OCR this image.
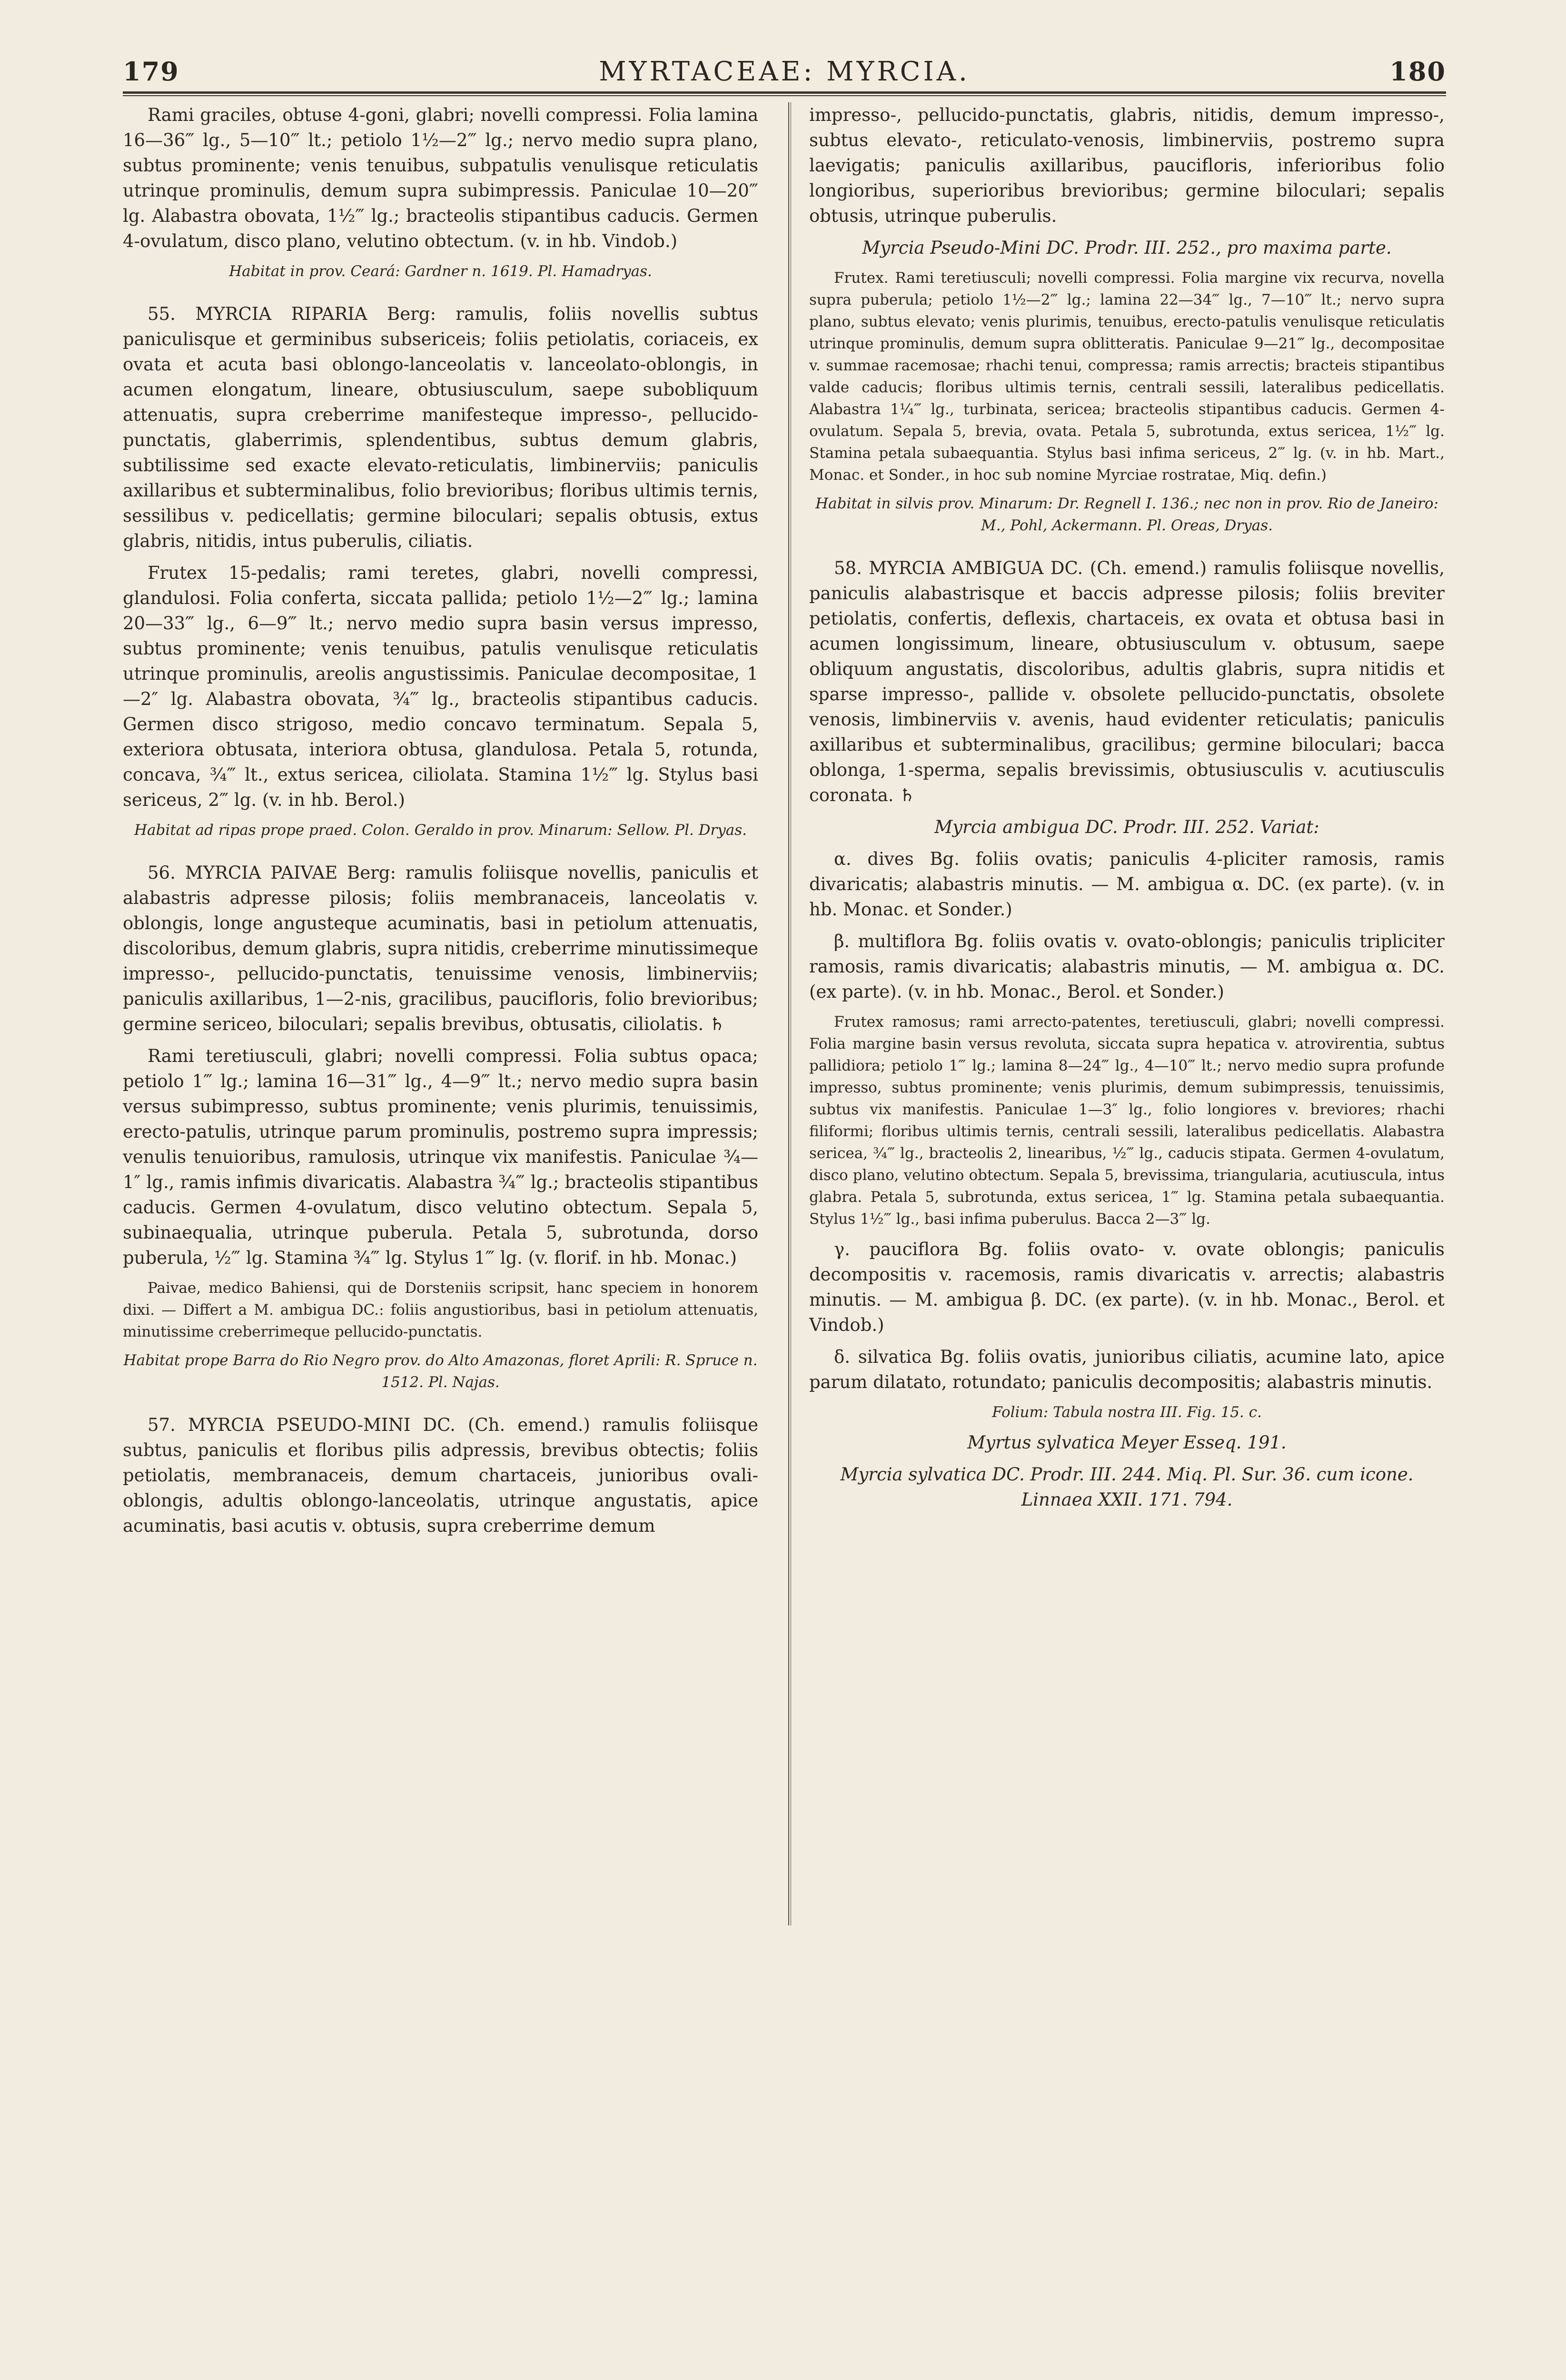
179	MYRTACEAE: MYRCIA.	180

Rami graciles, obtuse 4-goni, glabri; novelli compressi. Folia lamina 16—36‴ lg., 5—10‴ lt.; petiolo 1½—2‴ lg.; nervo medio supra plano, subtus prominente; venis tenuibus, subpatulis venulisque reticulatis utrinque prominulis, demum supra subimpressis. Paniculae 10—20‴ lg. Alabastra obovata, 1½‴ lg.; bracteolis stipantibus caducis. Germen 4-ovulatum, disco plano, velutino obtectum. (v. in hb. Vindob.)

Habitat in prov. Ceará: Gardner n. 1619. Pl. Hamadryas.

55. MYRCIA RIPARIA Berg: ramulis, foliis novellis subtus paniculisque et germinibus subsericeis; foliis petiolatis, coriaceis, ex ovata et acuta basi oblongo-lanceolatis v. lanceolato-oblongis, in acumen elongatum, lineare, obtusiusculum, saepe subobliquum attenuatis, supra creberrime manifesteque impresso-, pellucido-punctatis, glaberrimis, splendentibus, subtus demum glabris, subtilissime sed exacte elevato-reticulatis, limbinerviis; paniculis axillaribus et subterminalibus, folio brevioribus; floribus ultimis ternis, sessilibus v. pedicellatis; germine biloculari; sepalis obtusis, extus glabris, nitidis, intus puberulis, ciliatis.

Frutex 15-pedalis; rami teretes, glabri, novelli compressi, glandulosi. Folia conferta, siccata pallida; petiolo 1½—2‴ lg.; lamina 20—33‴ lg., 6—9‴ lt.; nervo medio supra basin versus impresso, subtus prominente; venis tenuibus, patulis venulisque reticulatis utrinque prominulis, areolis angustissimis. Paniculae decompositae, 1—2″ lg. Alabastra obovata, ¾‴ lg., bracteolis stipantibus caducis. Germen disco strigoso, medio concavo terminatum. Sepala 5, exteriora obtusata, interiora obtusa, glandulosa. Petala 5, rotunda, concava, ¾‴ lt., extus sericea, ciliolata. Stamina 1½‴ lg. Stylus basi sericeus, 2‴ lg. (v. in hb. Berol.)

Habitat ad ripas prope praed. Colon. Geraldo in prov. Minarum: Sellow. Pl. Dryas.

56. MYRCIA PAIVAE Berg: ramulis foliisque novellis, paniculis et alabastris adpresse pilosis; foliis membranaceis, lanceolatis v. oblongis, longe angusteque acuminatis, basi in petiolum attenuatis, discoloribus, demum glabris, supra nitidis, creberrime minutissimeque impresso-, pellucido-punctatis, tenuissime venosis, limbinerviis; paniculis axillaribus, 1—2-nis, gracilibus, paucifloris, folio brevioribus; germine sericeo, biloculari; sepalis brevibus, obtusatis, ciliolatis. ♄

Rami teretiusculi, glabri; novelli compressi. Folia subtus opaca; petiolo 1‴ lg.; lamina 16—31‴ lg., 4—9‴ lt.; nervo medio supra basin versus subimpresso, subtus prominente; venis plurimis, tenuissimis, erecto-patulis, utrinque parum prominulis, postremo supra impressis; venulis tenuioribus, ramulosis, utrinque vix manifestis. Paniculae ¾—1″ lg., ramis infimis divaricatis. Alabastra ¾‴ lg.; bracteolis stipantibus caducis. Germen 4-ovulatum, disco velutino obtectum. Sepala 5, subinaequalia, utrinque puberula. Petala 5, subrotunda, dorso puberula, ½‴ lg. Stamina ¾‴ lg. Stylus 1‴ lg. (v. florif. in hb. Monac.)

Paivae, medico Bahiensi, qui de Dorsteniis scripsit, hanc speciem in honorem dixi. — Differt a M. ambigua DC.: foliis angustioribus, basi in petiolum attenuatis, minutissime creberrimeque pellucido-punctatis.

Habitat prope Barra do Rio Negro prov. do Alto Amazonas, floret Aprili: R. Spruce n. 1512. Pl. Najas.

57. MYRCIA PSEUDO-MINI DC. (Ch. emend.) ramulis foliisque subtus, paniculis et floribus pilis adpressis, brevibus obtectis; foliis petiolatis, membranaceis, demum chartaceis, junioribus ovali-oblongis, adultis oblongo-lanceolatis, utrinque angustatis, apice acuminatis, basi acutis v. obtusis, supra creberrime demum

impresso-, pellucido-punctatis, glabris, nitidis, demum impresso-, subtus elevato-, reticulato-venosis, limbinerviis, postremo supra laevigatis; paniculis axillaribus, paucifloris, inferioribus folio longioribus, superioribus brevioribus; germine biloculari; sepalis obtusis, utrinque puberulis.

Myrcia Pseudo-Mini DC. Prodr. III. 252., pro maxima parte.

Frutex. Rami teretiusculi; novelli compressi. Folia margine vix recurva, novella supra puberula; petiolo 1½—2‴ lg.; lamina 22—34‴ lg., 7—10‴ lt.; nervo supra plano, subtus elevato; venis plurimis, tenuibus, erecto-patulis venulisque reticulatis utrinque prominulis, demum supra oblitteratis. Paniculae 9—21‴ lg., decompositae v. summae racemosae; rhachi tenui, compressa; ramis arrectis; bracteis stipantibus valde caducis; floribus ultimis ternis, centrali sessili, lateralibus pedicellatis. Alabastra 1¼‴ lg., turbinata, sericea; bracteolis stipantibus caducis. Germen 4-ovulatum. Sepala 5, brevia, ovata. Petala 5, subrotunda, extus sericea, 1½‴ lg. Stamina petala subaequantia. Stylus basi infima sericeus, 2‴ lg. (v. in hb. Mart., Monac. et Sonder., in hoc sub nomine Myrciae rostratae, Miq. defin.)

Habitat in silvis prov. Minarum: Dr. Regnell I. 136.; nec non in prov. Rio de Janeiro: M., Pohl, Ackermann. Pl. Oreas, Dryas.

58. MYRCIA AMBIGUA DC. (Ch. emend.) ramulis foliisque novellis, paniculis alabastrisque et baccis adpresse pilosis; foliis breviter petiolatis, confertis, deflexis, chartaceis, ex ovata et obtusa basi in acumen longissimum, lineare, obtusiusculum v. obtusum, saepe obliquum angustatis, discoloribus, adultis glabris, supra nitidis et sparse impresso-, pallide v. obsolete pellucido-punctatis, obsolete venosis, limbinerviis v. avenis, haud evidenter reticulatis; paniculis axillaribus et subterminalibus, gracilibus; germine biloculari; bacca oblonga, 1-sperma, sepalis brevissimis, obtusiusculis v. acutiusculis coronata. ♄

Myrcia ambigua DC. Prodr. III. 252. Variat:

α. dives Bg. foliis ovatis; paniculis 4-pliciter ramosis, ramis divaricatis; alabastris minutis. — M. ambigua α. DC. (ex parte). (v. in hb. Monac. et Sonder.)

β. multiflora Bg. foliis ovatis v. ovato-oblongis; paniculis tripliciter ramosis, ramis divaricatis; alabastris minutis, — M. ambigua α. DC. (ex parte). (v. in hb. Monac., Berol. et Sonder.)

Frutex ramosus; rami arrecto-patentes, teretiusculi, glabri; novelli compressi. Folia margine basin versus revoluta, siccata supra hepatica v. atrovirentia, subtus pallidiora; petiolo 1‴ lg.; lamina 8—24‴ lg., 4—10‴ lt.; nervo medio supra profunde impresso, subtus prominente; venis plurimis, demum subimpressis, tenuissimis, subtus vix manifestis. Paniculae 1—3″ lg., folio longiores v. breviores; rhachi filiformi; floribus ultimis ternis, centrali sessili, lateralibus pedicellatis. Alabastra sericea, ¾‴ lg., bracteolis 2, linearibus, ½‴ lg., caducis stipata. Germen 4-ovulatum, disco plano, velutino obtectum. Sepala 5, brevissima, triangularia, acutiuscula, intus glabra. Petala 5, subrotunda, extus sericea, 1‴ lg. Stamina petala subaequantia. Stylus 1½‴ lg., basi infima puberulus. Bacca 2—3‴ lg.

γ. pauciflora Bg. foliis ovato- v. ovate oblongis; paniculis decompositis v. racemosis, ramis divaricatis v. arrectis; alabastris minutis. — M. ambigua β. DC. (ex parte). (v. in hb. Monac., Berol. et Vindob.)

δ. silvatica Bg. foliis ovatis, junioribus ciliatis, acumine lato, apice parum dilatato, rotundato; paniculis decompositis; alabastris minutis.

Folium: Tabula nostra III. Fig. 15. c.

Myrtus sylvatica Meyer Esseq. 191.

Myrcia sylvatica DC. Prodr. III. 244. Miq. Pl. Sur. 36. cum icone. Linnaea XXII. 171. 794.
